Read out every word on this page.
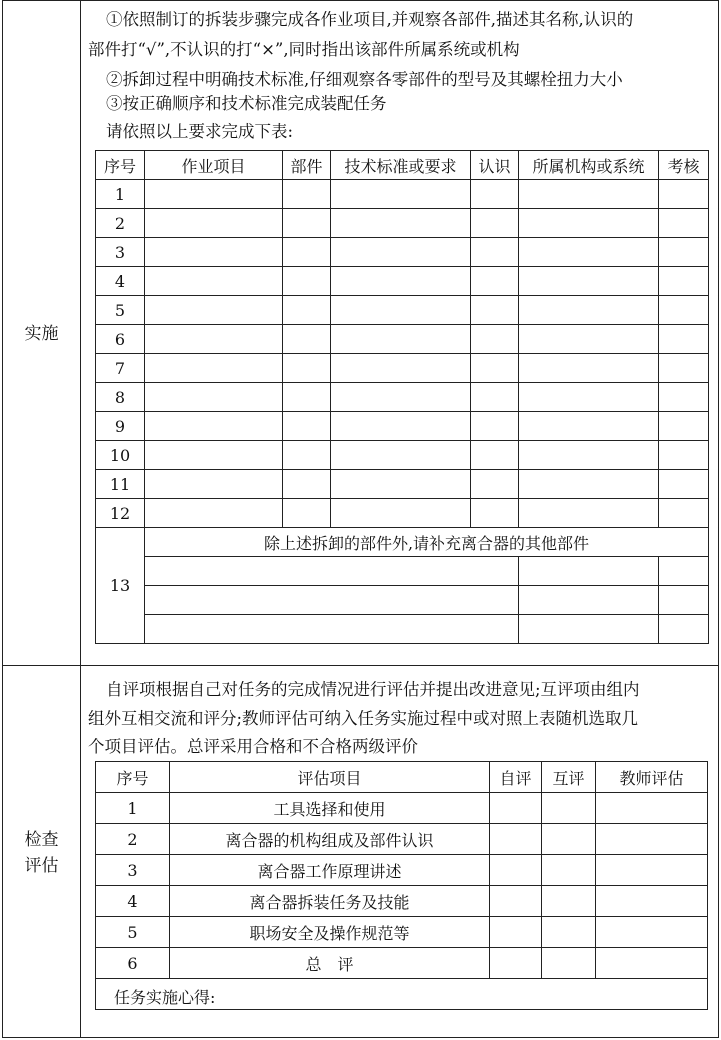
实施
①依照制订的拆装步骤完成各作业项目,并观察各部件,描述其名称,认识的
部件打“√”,不认识的打“×”,同时指出该部件所属系统或机构
②拆卸过程中明确技术标准,仔细观察各零部件的型号及其螺栓扭力大小
③按正确顺序和技术标准完成装配任务
请依照以上要求完成下表:
序号	作业项目	部件	技术标准或要求	认识	所属机构或系统	考核
1						
2						
3						
4						
5						
6						
7						
8						
9						
10						
11						
12						
13	除上述拆卸的部件外,请补充离合器的其他部件					

检查
评估
自评项根据自己对任务的完成情况进行评估并提出改进意见;互评项由组内
组外互相交流和评分;教师评估可纳入任务实施过程中或对照上表随机选取几
个项目评估。总评采用合格和不合格两级评价
序号	评估项目	自评	互评	教师评估
1	工具选择和使用			
2	离合器的机构组成及部件认识			
3	离合器工作原理讲述			
4	离合器拆装任务及技能			
5	职场安全及操作规范等			
6	总　评			
任务实施心得:				
